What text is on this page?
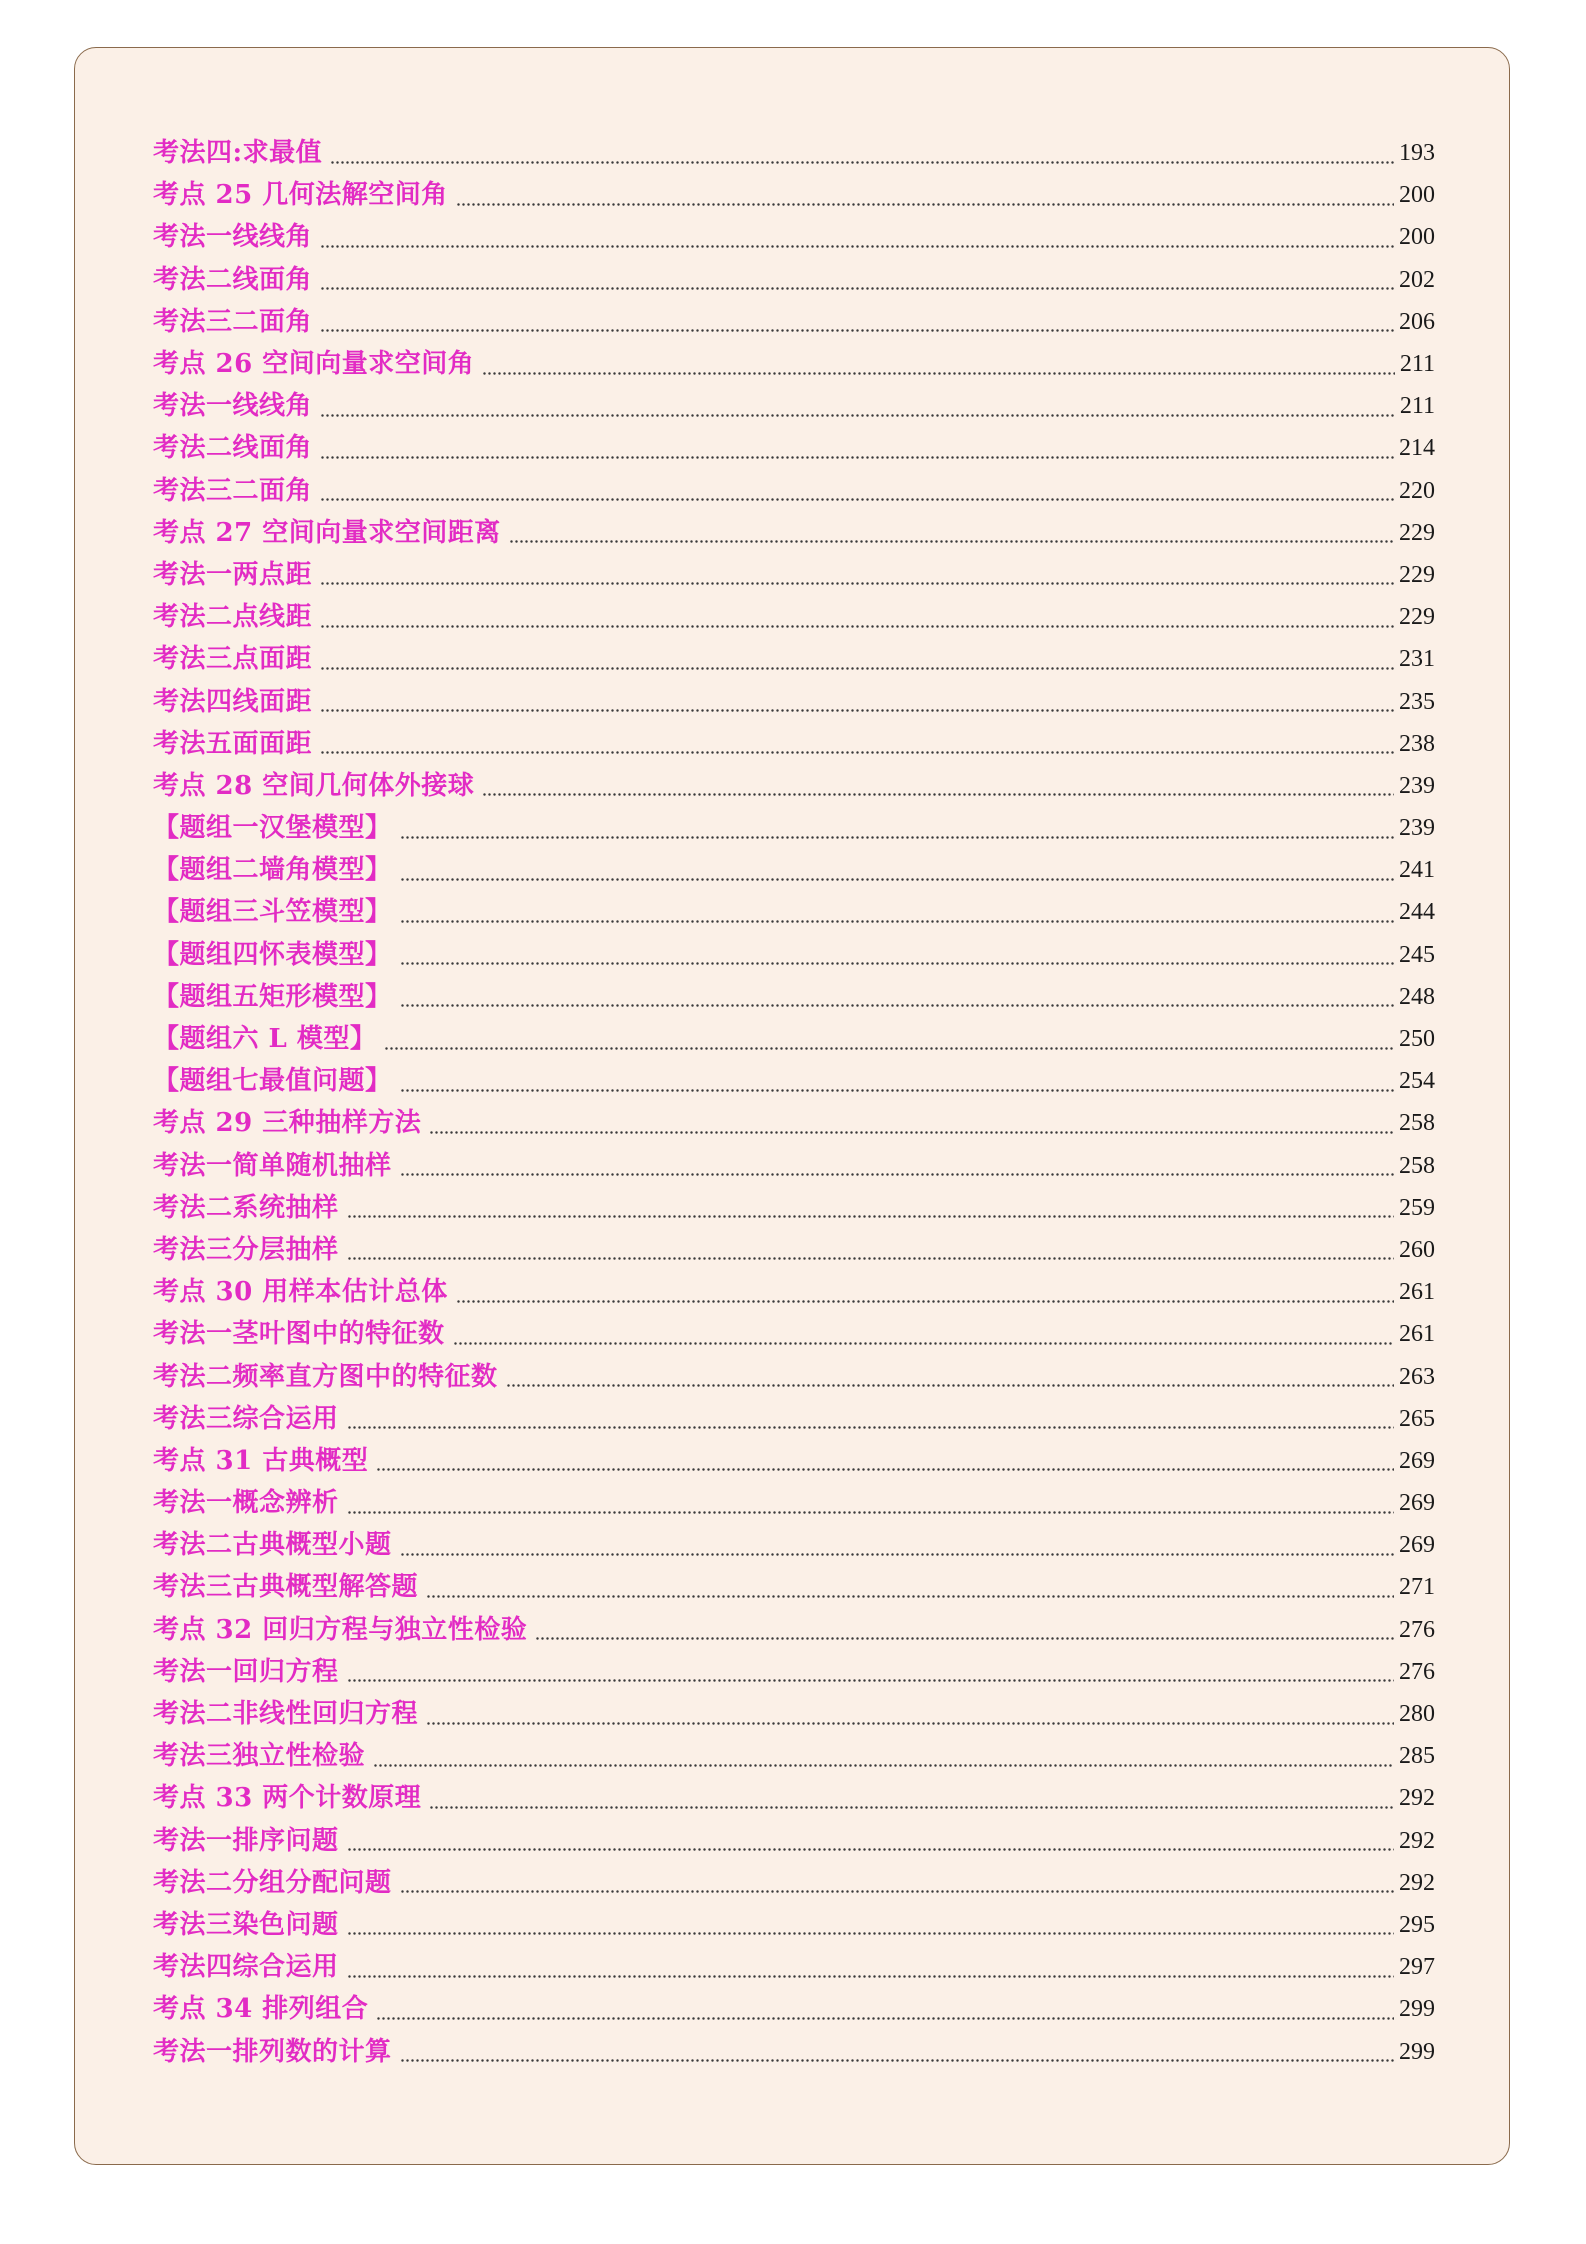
考法四:求最值	193
考点 25 几何法解空间角	200
考法一线线角	200
考法二线面角	202
考法三二面角	206
考点 26 空间向量求空间角	211
考法一线线角	211
考法二线面角	214
考法三二面角	220
考点 27 空间向量求空间距离	229
考法一两点距	229
考法二点线距	229
考法三点面距	231
考法四线面距	235
考法五面面距	238
考点 28 空间几何体外接球	239
【题组一汉堡模型】	239
【题组二墙角模型】	241
【题组三斗笠模型】	244
【题组四怀表模型】	245
【题组五矩形模型】	248
【题组六 L 模型】	250
【题组七最值问题】	254
考点 29 三种抽样方法	258
考法一简单随机抽样	258
考法二系统抽样	259
考法三分层抽样	260
考点 30 用样本估计总体	261
考法一茎叶图中的特征数	261
考法二频率直方图中的特征数	263
考法三综合运用	265
考点 31 古典概型	269
考法一概念辨析	269
考法二古典概型小题	269
考法三古典概型解答题	271
考点 32 回归方程与独立性检验	276
考法一回归方程	276
考法二非线性回归方程	280
考法三独立性检验	285
考点 33 两个计数原理	292
考法一排序问题	292
考法二分组分配问题	292
考法三染色问题	295
考法四综合运用	297
考点 34 排列组合	299
考法一排列数的计算	299
